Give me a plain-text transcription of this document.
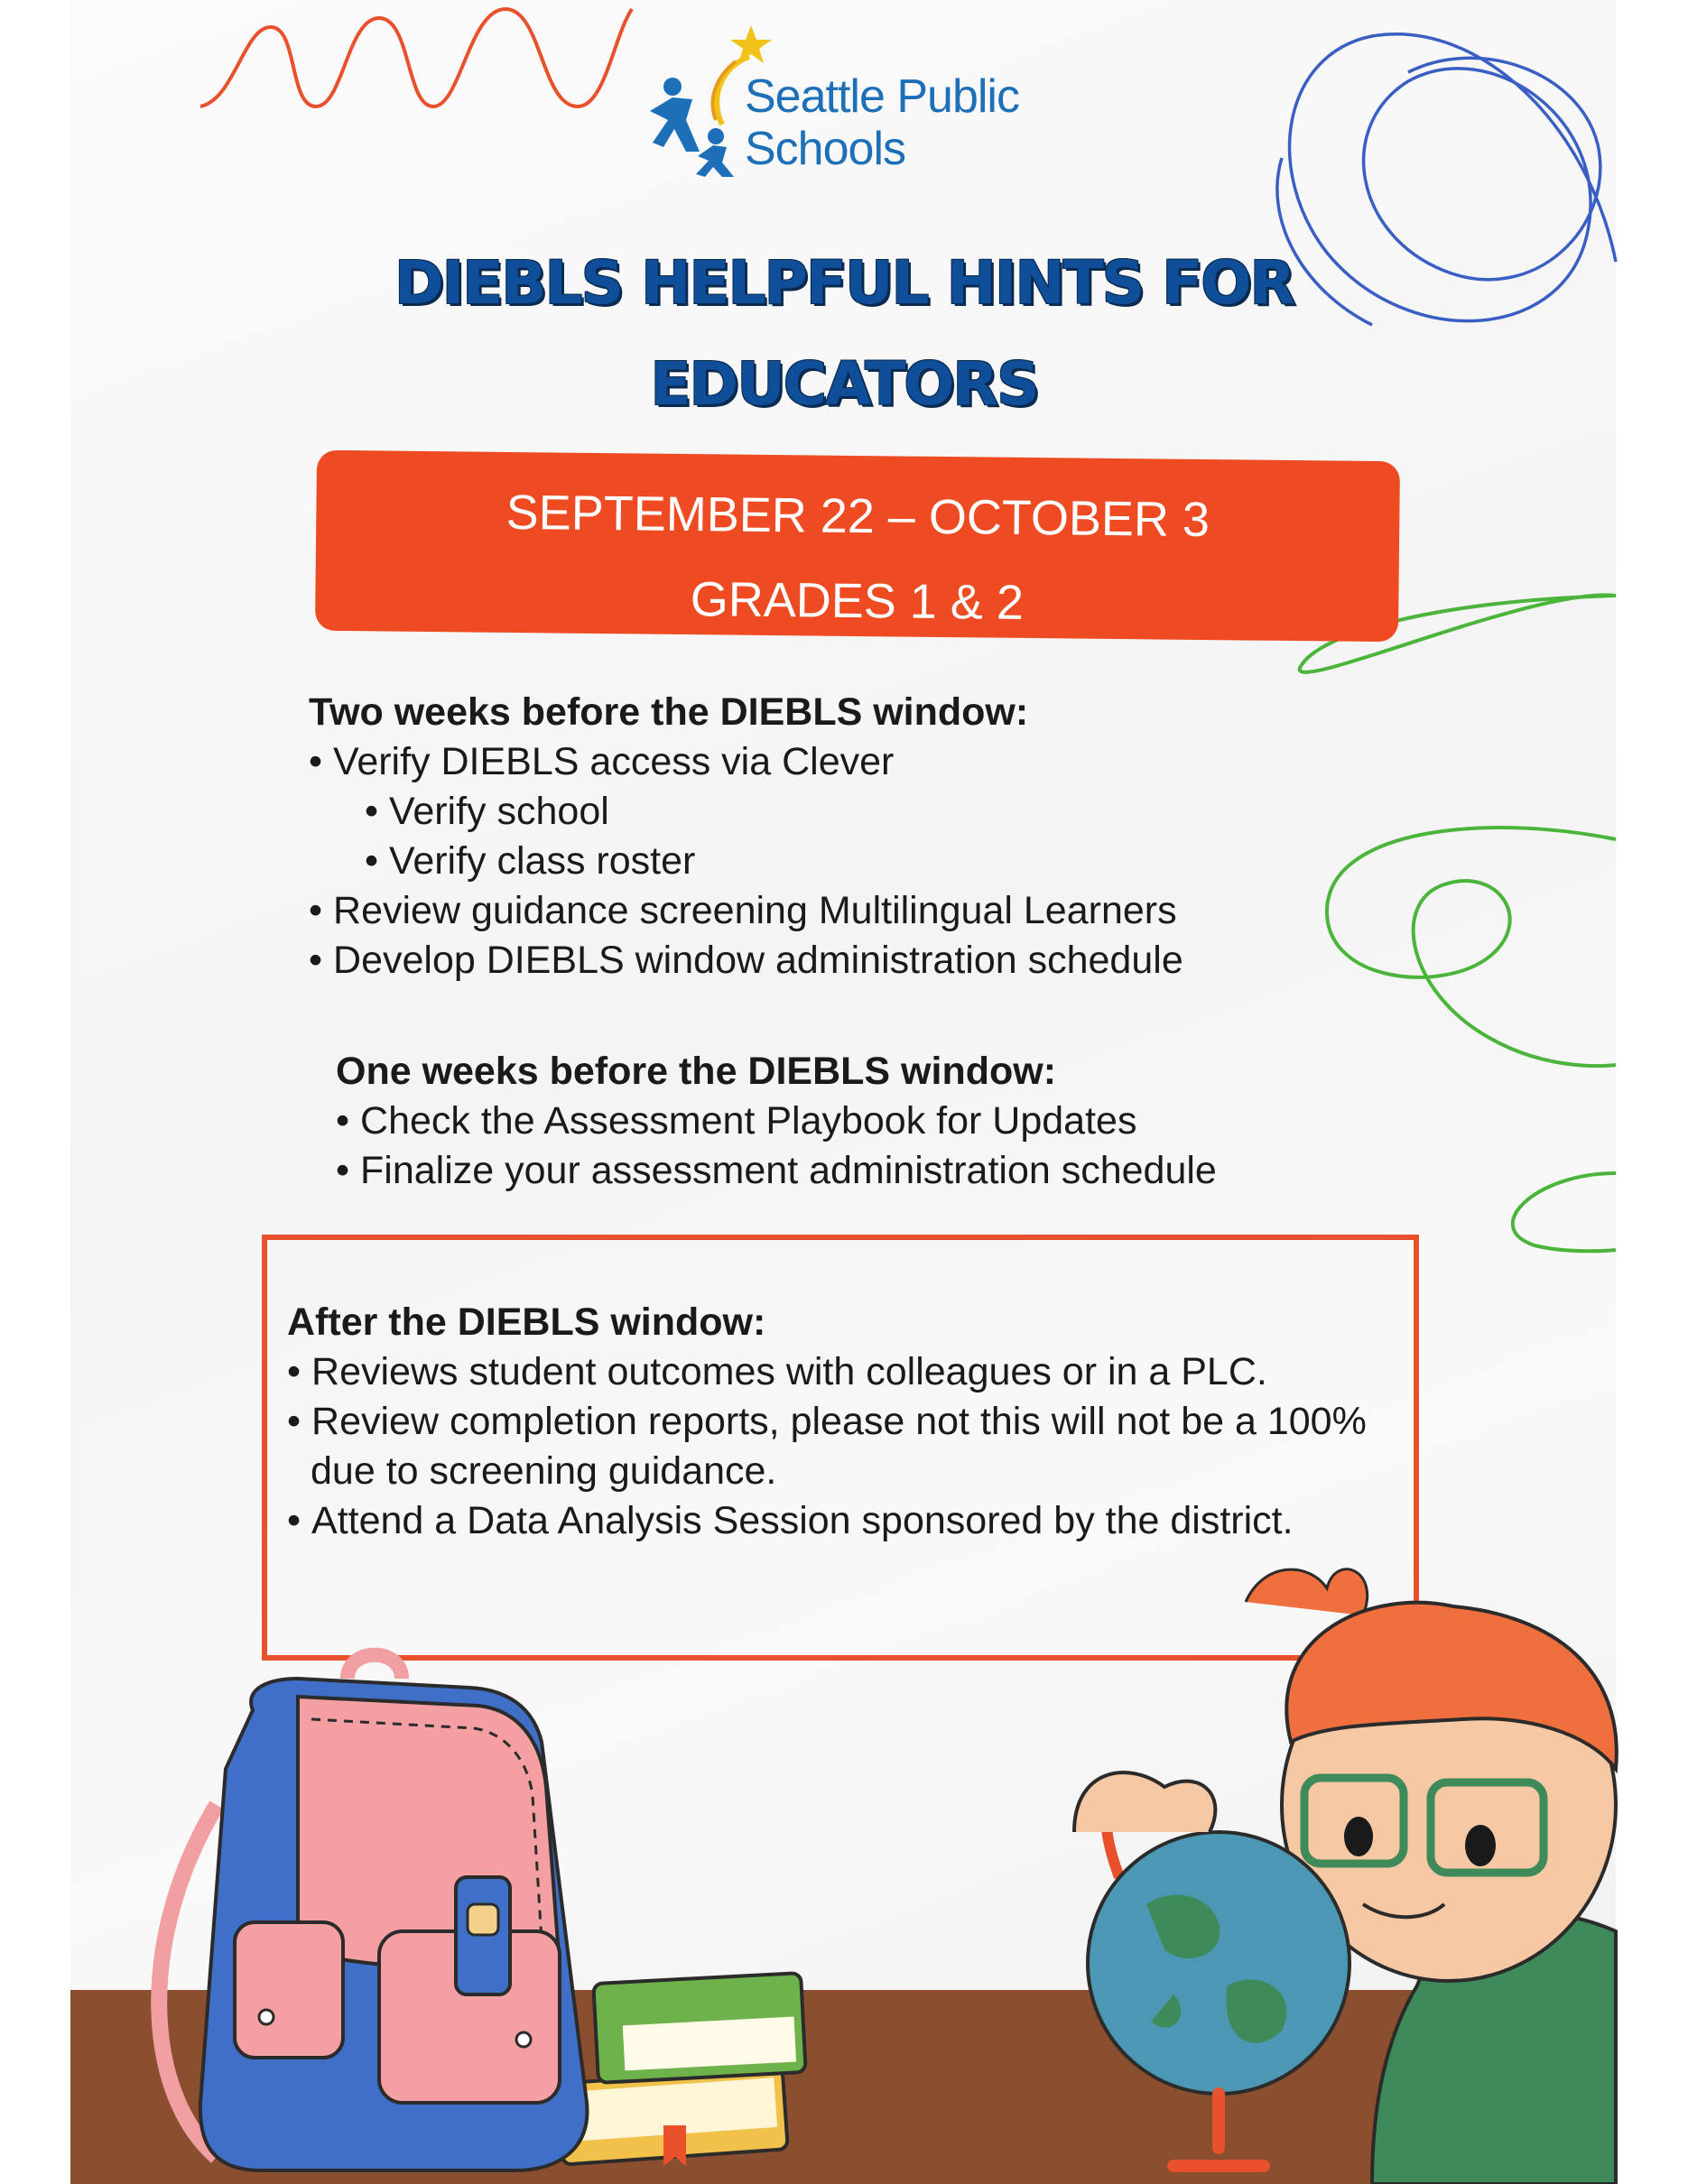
Seattle Public
Schools
DIEBLS HELPFUL HINTS FOR
EDUCATORS
SEPTEMBER 22 – OCTOBER 3
GRADES 1 & 2
Two weeks before the DIEBLS window:
• Verify DIEBLS access via Clever
• Verify school
• Verify class roster
• Review guidance screening Multilingual Learners
• Develop DIEBLS window administration schedule
One weeks before the DIEBLS window:
• Check the Assessment Playbook for Updates
• Finalize your assessment administration schedule
After the DIEBLS window:
• Reviews student outcomes with colleagues or in a PLC.
• Review completion reports, please not this will not be a 100% due to screening guidance.
• Attend a Data Analysis Session sponsored by the district.
